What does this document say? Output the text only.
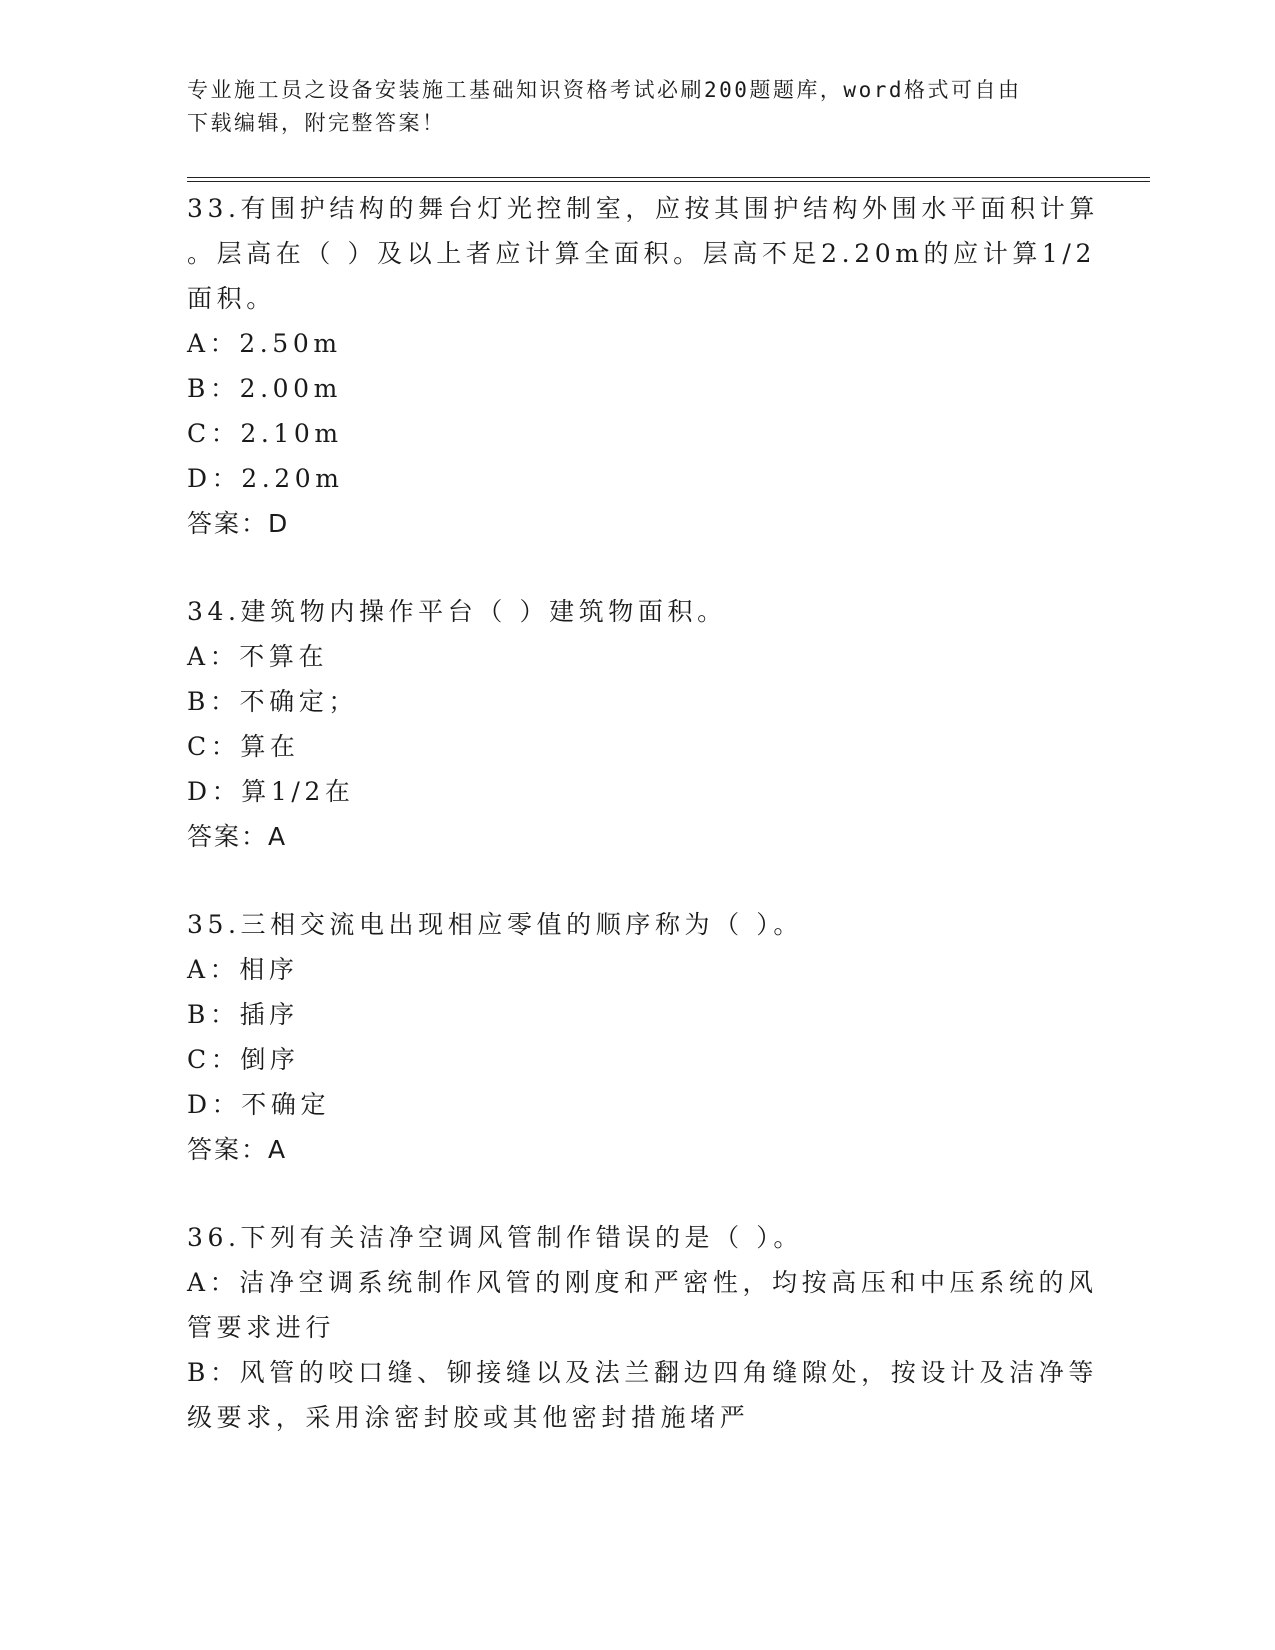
专业施工员之设备安装施工基础知识资格考试必刷200题题库，word格式可自由
下载编辑，附完整答案！
33.有围护结构的舞台灯光控制室，应按其围护结构外围水平面积计算
。层高在（ ）及以上者应计算全面积。层高不足2.20m的应计算1/2
面积。
A：2.50m
B：2.00m
C：2.10m
D：2.20m
答案：D
34.建筑物内操作平台（ ）建筑物面积。
A：不算在
B：不确定；
C：算在
D：算1/2在
答案：A
35.三相交流电出现相应零值的顺序称为（ ）。
A：相序
B：插序
C：倒序
D：不确定
答案：A
36.下列有关洁净空调风管制作错误的是（ ）。
A：洁净空调系统制作风管的刚度和严密性，均按高压和中压系统的风
管要求进行
B：风管的咬口缝、铆接缝以及法兰翻边四角缝隙处，按设计及洁净等
级要求，采用涂密封胶或其他密封措施堵严
